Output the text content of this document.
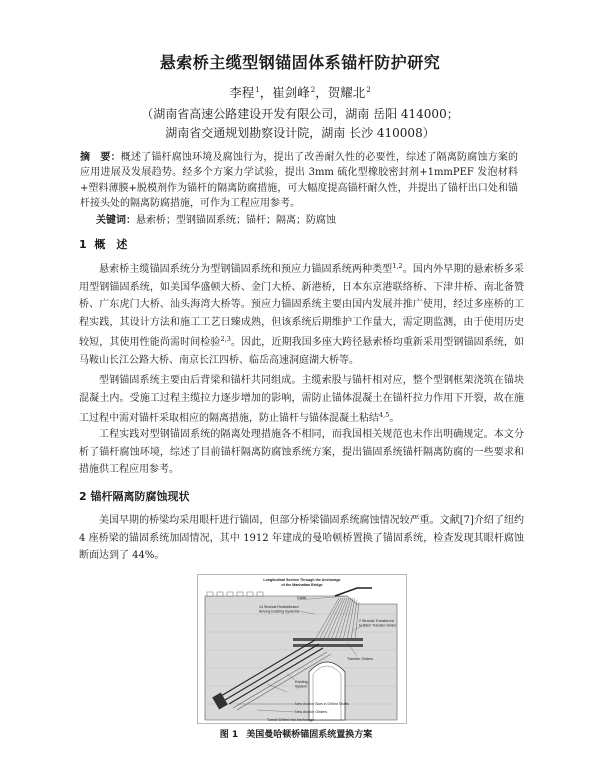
悬索桥主缆型钢锚固体系锚杆防护研究
李程$^1$，崔剑峰$^2$，贺耀北$^2$
（湖南省高速公路建设开发有限公司，湖南 岳阳 414000；
湖南省交通规划勘察设计院，湖南 长沙 410008）
摘　要：概述了锚杆腐蚀环境及腐蚀行为，提出了改善耐久性的必要性，综述了隔离防腐蚀方案的应用进展及发展趋势。经多个方案力学试验，提出 3mm 硫化型橡胶密封剂+1mmPEF 发泡材料+塑料薄膜+脱模剂作为锚杆的隔离防腐措施，可大幅度提高锚杆耐久性，并提出了锚杆出口处和锚杆接头处的隔离防腐措施，可作为工程应用参考。
关键词：悬索桥；型钢锚固系统；锚杆；隔离；防腐蚀
1 概　述
悬索桥主缆锚固系统分为型钢锚固系统和预应力锚固系统两种类型$^{1,2}$。国内外早期的悬索桥多采用型钢锚固系统，如美国华盛顿大桥、金门大桥、新港桥，日本东京港联络桥、下津井桥、南北备赞桥、广东虎门大桥、汕头海湾大桥等。预应力锚固系统主要由国内发展并推广使用，经过多座桥的工程实践，其设计方法和施工工艺日臻成熟，但该系统后期维护工作量大，需定期监测，由于使用历史较短，其使用性能尚需时间检验$^{2,3}$。因此，近期我国多座大跨径悬索桥均重新采用型钢锚固系统，如马鞍山长江公路大桥、南京长江四桥、临岳高速洞庭湖大桥等。
型钢锚固系统主要由后背梁和锚杆共同组成。主缆索股与锚杆相对应，整个型钢框架浇筑在锚块混凝土内。受施工过程主缆拉力逐步增加的影响，需防止锚体混凝土在锚杆拉力作用下开裂，故在施工过程中需对锚杆采取相应的隔离措施，防止锚杆与锚体混凝土粘结$^{4,5}$。
工程实践对型钢锚固系统的隔离处理措施各不相同，而我国相关规范也未作出明确规定。本文分析了锚杆腐蚀环境，综述了目前锚杆隔离防腐蚀系统方案，提出锚固系统锚杆隔离防腐的一些要求和措施供工程应用参考。
2 锚杆隔离防腐蚀现状
美国早期的桥梁均采用眼杆进行锚固，但部分桥梁锚固系统腐蚀情况较严重。文献[7]介绍了纽约 4 座桥梁的锚固系统加固情况，其中 1912 年建成的曼哈顿桥置换了锚固系统，检查发现其眼杆腐蚀断面达到了 44%。
Longitudinal Section Through the Anchorage
of the Manhattan Bridge
Cable
14 Strands Redistributed
Among Existing Systems
2 Strands Transferred
to Each Transfer Girder
Transfer Girders
Existing
System
New Anchor Bars in Drilled Shafts
New Anchor Girders
Tunnel Drilled into Anchorage
图 1 美国曼哈顿桥锚固系统置换方案
